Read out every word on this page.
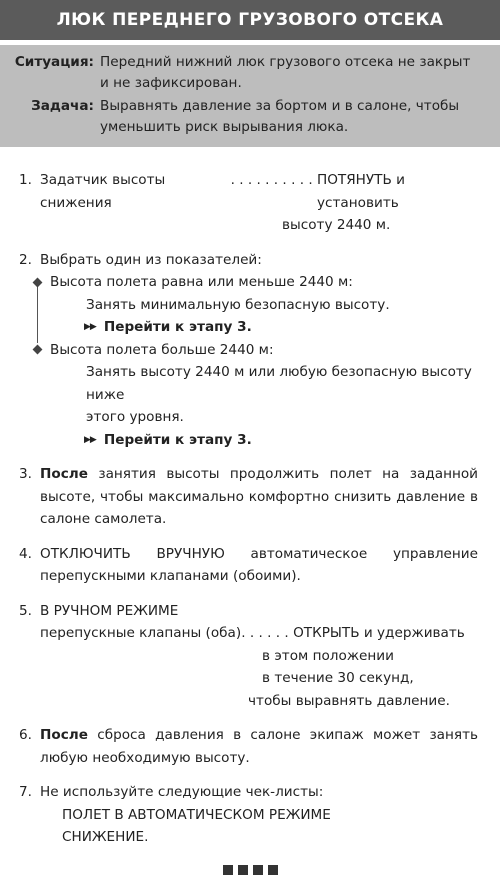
ЛЮК ПЕРЕДНЕГО ГРУЗОВОГО ОТСЕКА
Ситуация: Передний нижний люк грузового отсека не закрыт
и не зафиксирован.
Задача: Выравнять давление за бортом и в салоне, чтобы
уменьшить риск вырывания люка.
1. Задатчик высоты снижения
. . . . . . . . . . ПОТЯНУТЬ и установить
высоту 2440 м.
2. Выбрать один из показателей:
Высота полета равна или меньше 2440 м:
Занять минимальную безопасную высоту.
▶▶ Перейти к этапу 3.
Высота полета больше 2440 м:
Занять высоту 2440 м или любую безопасную высоту ниже
этого уровня.
▶▶ Перейти к этапу 3.
3. После занятия высоты продолжить полет на заданной высоте, чтобы максимально комфортно снизить давление в салоне самолета.
4. ОТКЛЮЧИТЬ ВРУЧНУЮ автоматическое управление перепускными клапанами (обоими).
5. В РУЧНОМ РЕЖИМЕ
перепускные клапаны (оба) . . . . . . ОТКРЫТЬ и удерживать
в этом положении
в течение 30 секунд,
чтобы выравнять давление.
6. После сброса давления в салоне экипаж может занять любую необходимую высоту.
7. Не используйте следующие чек-листы:
ПОЛЕТ В АВТОМАТИЧЕСКОМ РЕЖИМЕ
СНИЖЕНИЕ.
